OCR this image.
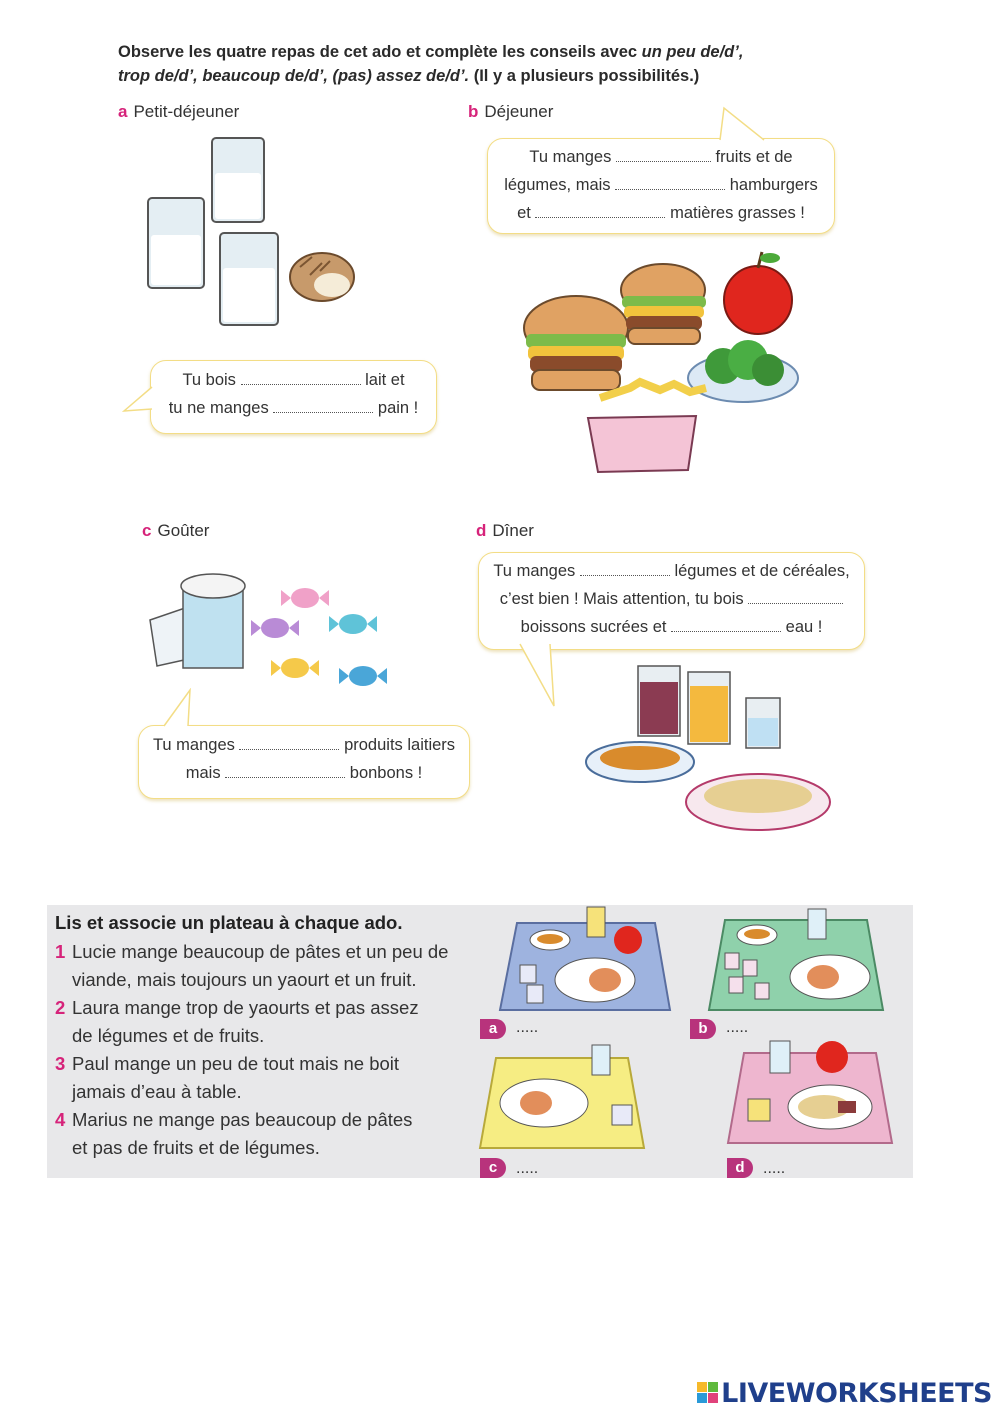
Observe les quatre repas de cet ado et complète les conseils avec un peu de/d’,
trop de/d’, beaucoup de/d’, (pas) assez de/d’. (Il y a plusieurs possibilités.)
a Petit-déjeuner

Tu bois	lait et

tu ne manges	pain !

b Déjeuner

Tu manges	fruits et de

légumes, mais	hamburgers

et	matières grasses !

c Goûter

Tu manges	produits laitiers

mais	bonbons !

d Dîner

Tu manges	légumes et de céréales,

c’est bien ! Mais attention, tu bois

boissons sucrées et	eau !

Lis et associe un plateau à chaque ado.
1 Lucie mange beaucoup de pâtes et un peu de
viande, mais toujours un yaourt et un fruit.
2 Laura mange trop de yaourts et pas assez
de légumes et de fruits.
3 Paul mange un peu de tout mais ne boit
jamais d’eau à table.
4 Marius ne mange pas beaucoup de pâtes
et pas de fruits et de légumes.
a	.....	b	.....
c	.....	d	.....
LIVEWORKSHEETS
